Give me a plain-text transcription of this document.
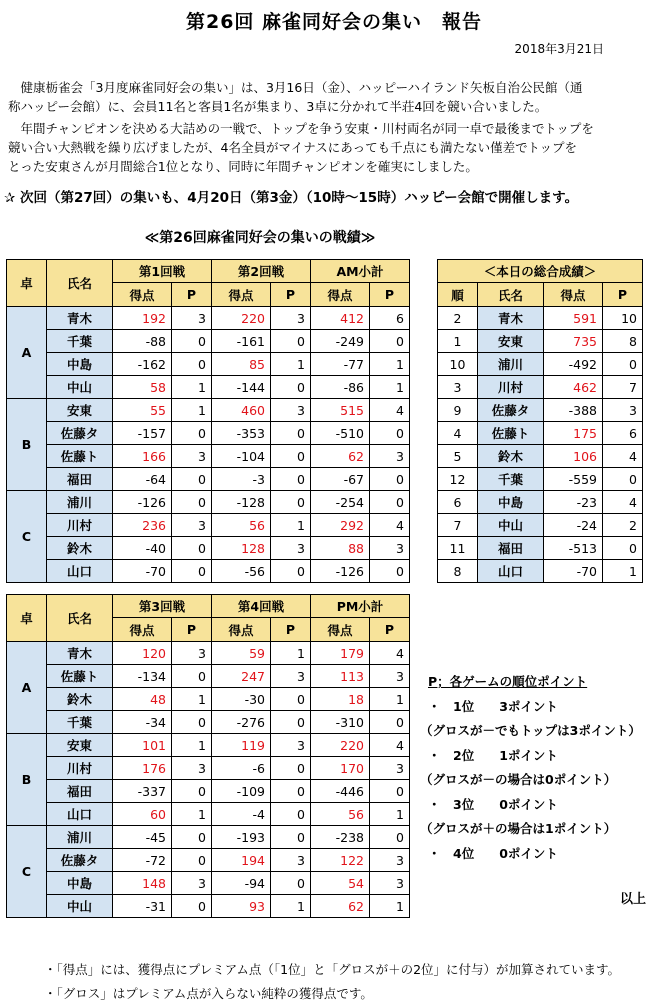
第26回 麻雀同好会の集い　報告
2018年3月21日
　健康栃雀会「3月度麻雀同好会の集い」は、3月16日（金）、ハッピーハイランド矢板自治公民館（通
称ハッピー会館）に、会員11名と客員1名が集まり、3卓に分かれて半荘4回を競い合いました。
　年間チャンピオンを決める大詰めの一戦で、トップを争う安東・川村両名が同一卓で最後までトップを
競い合い大熱戦を繰り広げましたが、4名全員がマイナスにあっても千点にも満たない僅差でトップを
とった安東さんが月間総合1位となり、同時に年間チャンピオンを確実にしました。
✰ 次回（第27回）の集いも、4月20日（第3金）（10時～15時）ハッピー会館で開催します。
≪第26回麻雀同好会の集いの戦績≫
卓	氏名	第1回戦		第2回戦		AM小計	
		得点	P	得点	P	得点	P
A	青木	192	3	220	3	412	6
	千葉	-88	0	-161	0	-249	0
	中島	-162	0	85	1	-77	1
	中山	58	1	-144	0	-86	1
B	安東	55	1	460	3	515	4
	佐藤タ	-157	0	-353	0	-510	0
	佐藤ト	166	3	-104	0	62	3
	福田	-64	0	-3	0	-67	0
C	浦川	-126	0	-128	0	-254	0
	川村	236	3	56	1	292	4
	鈴木	-40	0	128	3	88	3
	山口	-70	0	-56	0	-126	0
卓	氏名	第3回戦		第4回戦		PM小計	
		得点	P	得点	P	得点	P
A	青木	120	3	59	1	179	4
	佐藤ト	-134	0	247	3	113	3
	鈴木	48	1	-30	0	18	1
	千葉	-34	0	-276	0	-310	0
B	安東	101	1	119	3	220	4
	川村	176	3	-6	0	170	3
	福田	-337	0	-109	0	-446	0
	山口	60	1	-4	0	56	1
C	浦川	-45	0	-193	0	-238	0
	佐藤タ	-72	0	194	3	122	3
	中島	148	3	-94	0	54	3
	中山	-31	0	93	1	62	1
＜本日の総合成績＞			
順	氏名	得点	P
2	青木	591	10
1	安東	735	8
10	浦川	-492	0
3	川村	462	7
9	佐藤タ	-388	3
4	佐藤ト	175	6
5	鈴木	106	4
12	千葉	-559	0
6	中島	-23	4
7	中山	-24	2
11	福田	-513	0
8	山口	-70	1
P；各ゲームの順位ポイント
・　1位　　3ポイント
（グロスが－でもトップは3ポイント）
・　2位　　1ポイント
（グロスが－の場合は0ポイント）
・　3位　　0ポイント
（グロスが＋の場合は1ポイント）
・　4位　　0ポイント
以上
・「得点」には、獲得点にプレミアム点（「1位」と「グロスが＋の2位」に付与）が加算されています。
・「グロス」はプレミアム点が入らない純粋の獲得点です。
